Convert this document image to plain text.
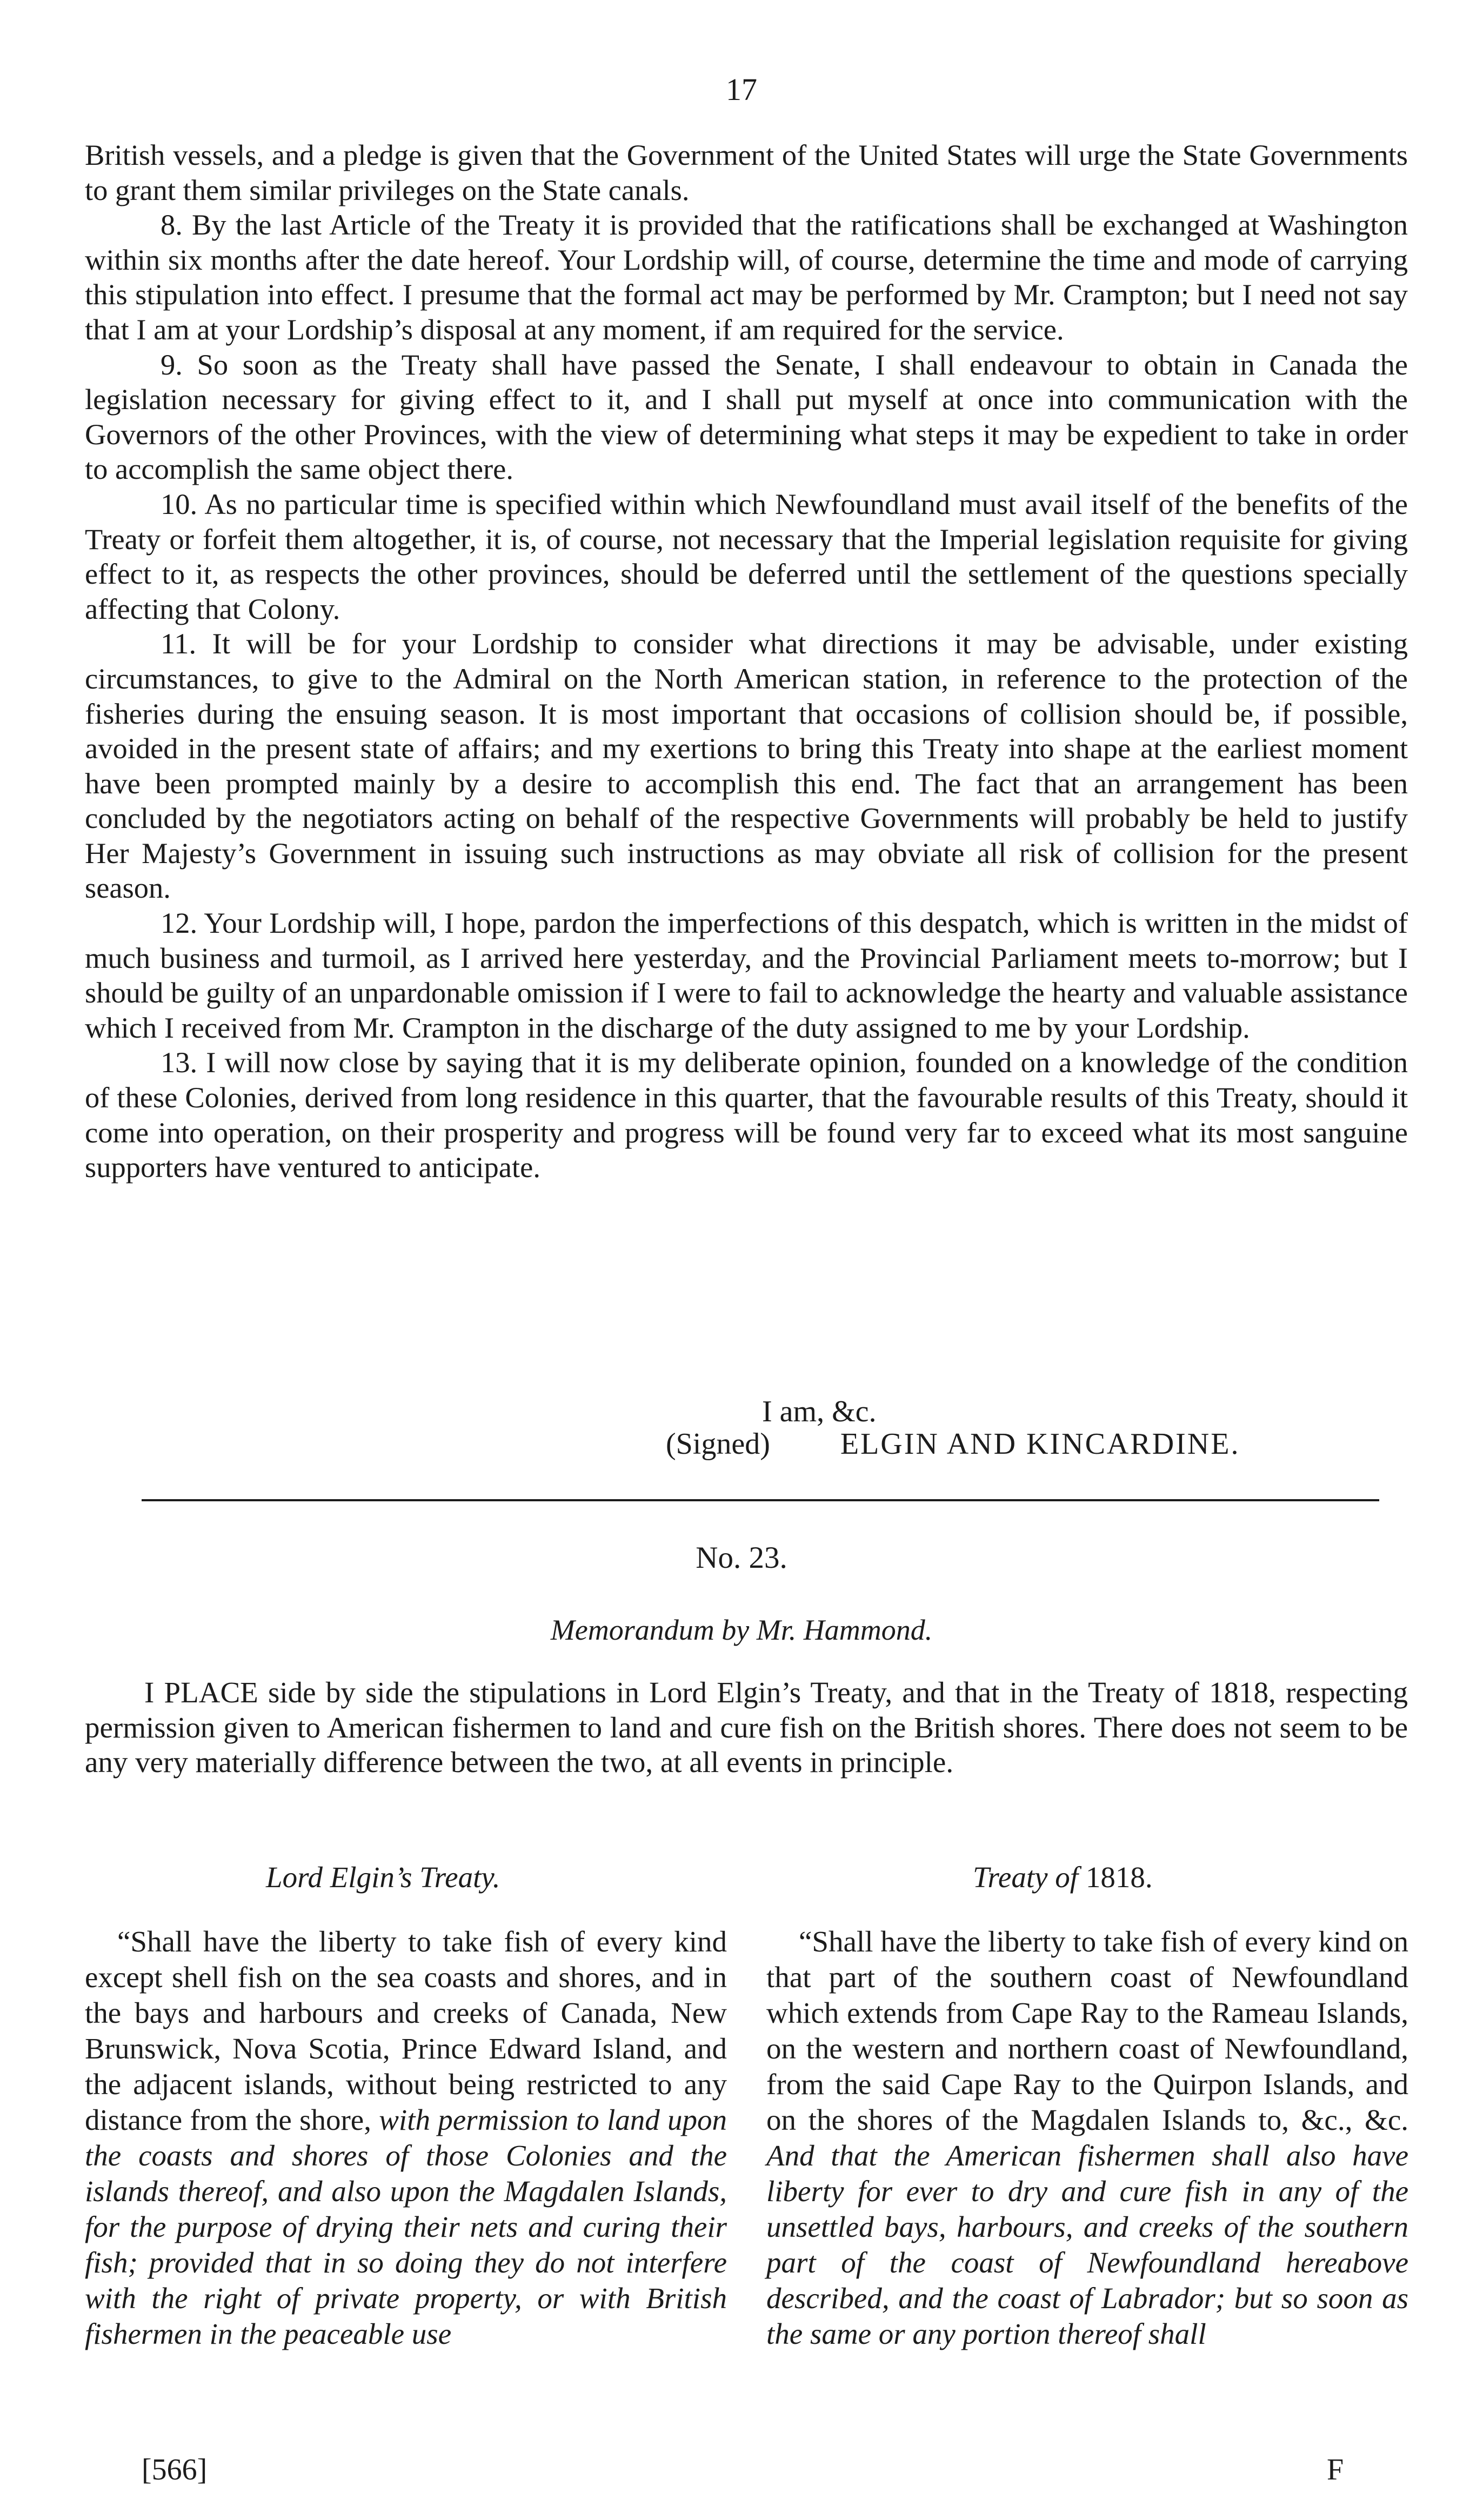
17

British vessels, and a pledge is given that the Government of the United States will urge the State Governments to grant them similar privileges on the State canals.

8. By the last Article of the Treaty it is provided that the ratifications shall be exchanged at Washington within six months after the date hereof. Your Lordship will, of course, determine the time and mode of carrying this stipulation into effect. I presume that the formal act may be performed by Mr. Crampton; but I need not say that I am at your Lordship’s disposal at any moment, if am required for the service.

9. So soon as the Treaty shall have passed the Senate, I shall endeavour to obtain in Canada the legislation necessary for giving effect to it, and I shall put myself at once into communication with the Governors of the other Provinces, with the view of determining what steps it may be expedient to take in order to accomplish the same object there.

10. As no particular time is specified within which Newfoundland must avail itself of the benefits of the Treaty or forfeit them altogether, it is, of course, not necessary that the Imperial legislation requisite for giving effect to it, as respects the other provinces, should be deferred until the settlement of the questions specially affecting that Colony.

11. It will be for your Lordship to consider what directions it may be advisable, under existing circumstances, to give to the Admiral on the North American station, in reference to the protection of the fisheries during the ensuing season. It is most important that occasions of collision should be, if possible, avoided in the present state of affairs; and my exertions to bring this Treaty into shape at the earliest moment have been prompted mainly by a desire to accomplish this end. The fact that an arrangement has been concluded by the negotiators acting on behalf of the respective Governments will probably be held to justify Her Majesty’s Government in issuing such instructions as may obviate all risk of collision for the present season.

12. Your Lordship will, I hope, pardon the imperfections of this despatch, which is written in the midst of much business and turmoil, as I arrived here yesterday, and the Provincial Parliament meets to-morrow; but I should be guilty of an unpardonable omission if I were to fail to acknowledge the hearty and valuable assistance which I received from Mr. Crampton in the discharge of the duty assigned to me by your Lordship.

13. I will now close by saying that it is my deliberate opinion, founded on a knowledge of the condition of these Colonies, derived from long residence in this quarter, that the favourable results of this Treaty, should it come into operation, on their prosperity and progress will be found very far to exceed what its most sanguine supporters have ventured to anticipate.

I am, &c.
(Signed) ELGIN AND KINCARDINE.
No. 23.
Memorandum by Mr. Hammond.
I PLACE side by side the stipulations in Lord Elgin’s Treaty, and that in the Treaty of 1818, respecting permission given to American fishermen to land and cure fish on the British shores. There does not seem to be any very materially difference between the two, at all events in principle.
Lord Elgin’s Treaty.	Treaty of 1818.
“Shall have the liberty to take fish of every kind except shell fish on the sea coasts and shores, and in the bays and harbours and creeks of Canada, New Brunswick, Nova Scotia, Prince Edward Island, and the adjacent islands, without being restricted to any distance from the shore, with permission to land upon the coasts and shores of those Colonies and the islands thereof, and also upon the Magdalen Islands, for the purpose of drying their nets and curing their fish; provided that in so doing they do not interfere with the right of private property, or with British fishermen in the peaceable use
“Shall have the liberty to take fish of every kind on that part of the southern coast of Newfoundland which extends from Cape Ray to the Rameau Islands, on the western and northern coast of Newfoundland, from the said Cape Ray to the Quirpon Islands, and on the shores of the Magdalen Islands to, &c., &c. And that the American fishermen shall also have liberty for ever to dry and cure fish in any of the unsettled bays, harbours, and creeks of the southern part of the coast of Newfoundland hereabove described, and the coast of Labrador; but so soon as the same or any portion thereof shall
[566]	F
